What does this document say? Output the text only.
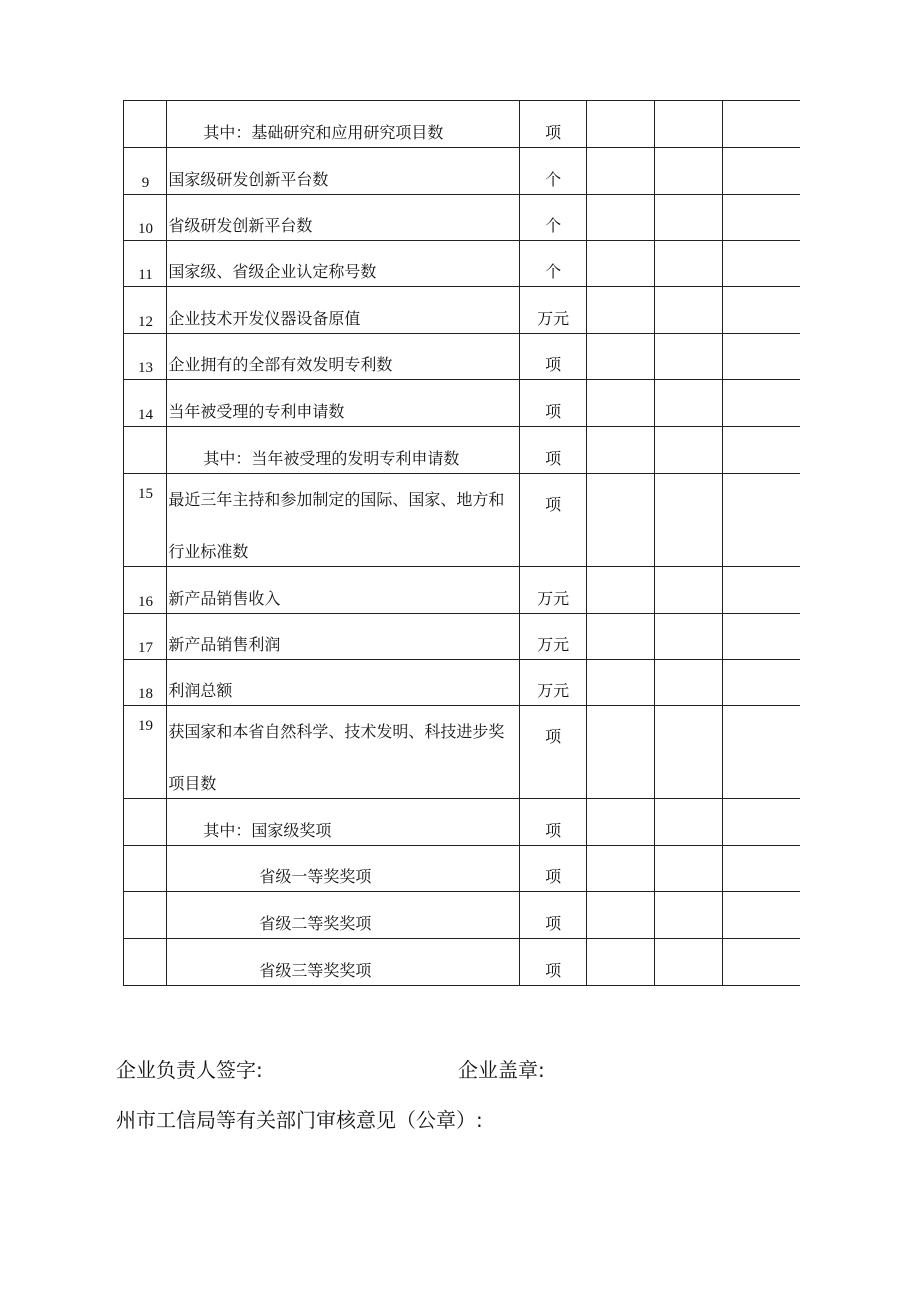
	其中：基础研究和应用研究项目数	项			

9	国家级研发创新平台数	个			

10	省级研发创新平台数	个			

11	国家级、省级企业认定称号数	个			

12	企业技术开发仪器设备原值	万元			

13	企业拥有的全部有效发明专利数	项			

14	当年被受理的专利申请数	项			

	其中：当年被受理的发明专利申请数	项			

15	最近三年主持和参加制定的国际、国家、地方和行业标准数	项			

16	新产品销售收入	万元			

17	新产品销售利润	万元			

18	利润总额	万元			

19	获国家和本省自然科学、技术发明、科技进步奖项目数	项			

	其中：国家级奖项	项			

	省级一等奖奖项	项			

	省级二等奖奖项	项			

	省级三等奖奖项	项			

企业负责人签字:	企业盖章:
州市工信局等有关部门审核意见（公章）:
